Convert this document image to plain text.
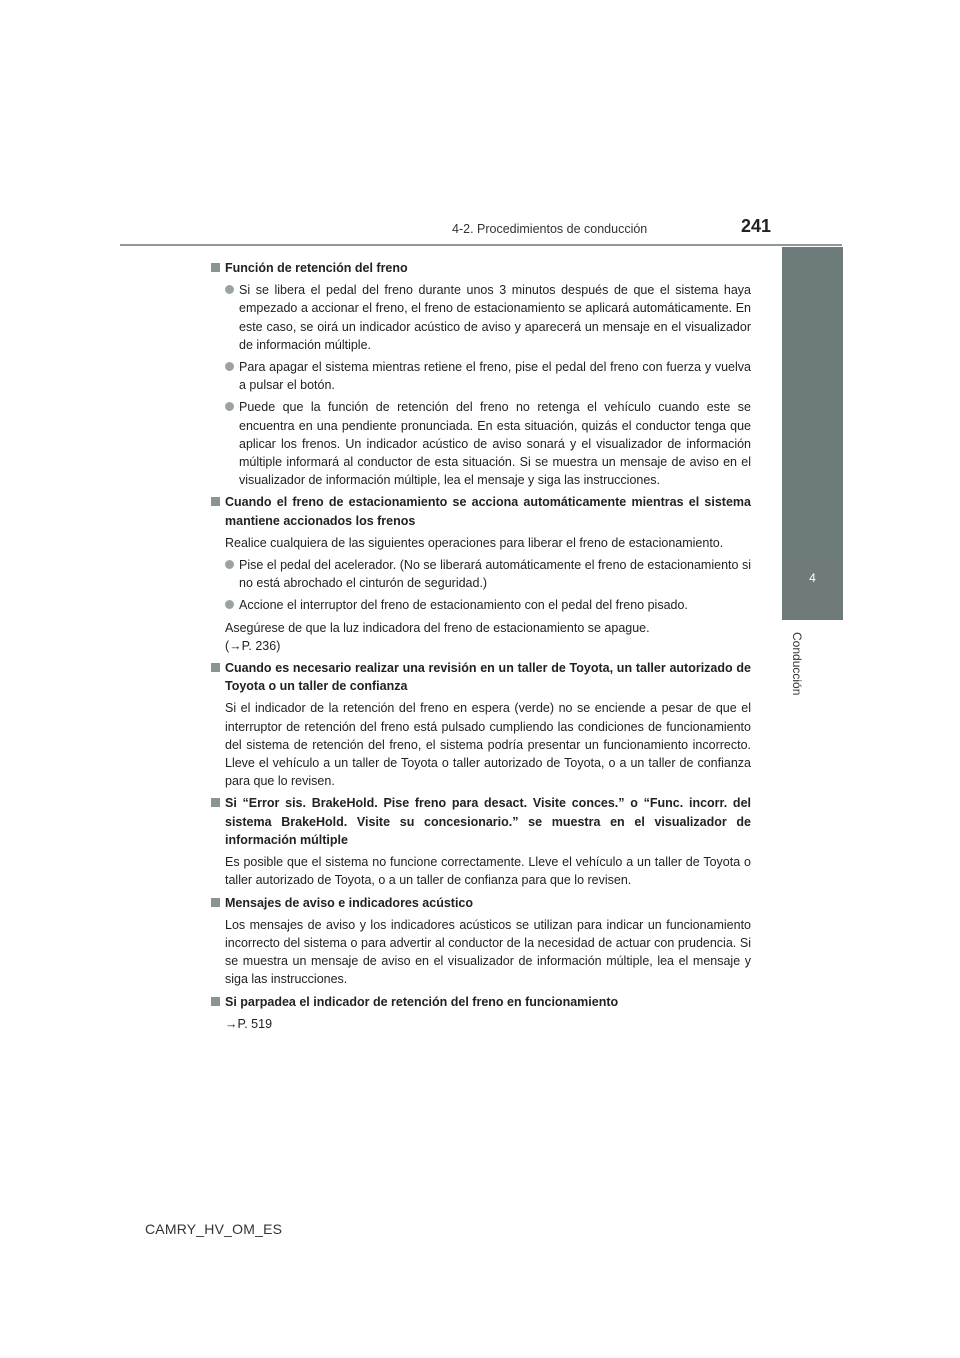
4-2. Procedimientos de conducción	241
4
Conducción
Función de retención del freno
Si se libera el pedal del freno durante unos 3 minutos después de que el sistema haya empezado a accionar el freno, el freno de estacionamiento se aplicará automáticamente. En este caso, se oirá un indicador acústico de aviso y aparecerá un mensaje en el visualizador de información múltiple.
Para apagar el sistema mientras retiene el freno, pise el pedal del freno con fuerza y vuelva a pulsar el botón.
Puede que la función de retención del freno no retenga el vehículo cuando este se encuentra en una pendiente pronunciada. En esta situación, quizás el conductor tenga que aplicar los frenos. Un indicador acústico de aviso sonará y el visualizador de información múltiple informará al conductor de esta situación. Si se muestra un mensaje de aviso en el visualizador de información múltiple, lea el mensaje y siga las instrucciones.
Cuando el freno de estacionamiento se acciona automáticamente mientras el sistema mantiene accionados los frenos
Realice cualquiera de las siguientes operaciones para liberar el freno de estacionamiento.
Pise el pedal del acelerador. (No se liberará automáticamente el freno de estacionamiento si no está abrochado el cinturón de seguridad.)
Accione el interruptor del freno de estacionamiento con el pedal del freno pisado.
Asegúrese de que la luz indicadora del freno de estacionamiento se apague.
(→P. 236)
Cuando es necesario realizar una revisión en un taller de Toyota, un taller autorizado de Toyota o un taller de confianza
Si el indicador de la retención del freno en espera (verde) no se enciende a pesar de que el interruptor de retención del freno está pulsado cumpliendo las condiciones de funcionamiento del sistema de retención del freno, el sistema podría presentar un funcionamiento incorrecto. Lleve el vehículo a un taller de Toyota o taller autorizado de Toyota, o a un taller de confianza para que lo revisen.
Si “Error sis. BrakeHold. Pise freno para desact. Visite conces.” o “Func. incorr. del sistema BrakeHold. Visite su concesionario.” se muestra en el visualizador de información múltiple
Es posible que el sistema no funcione correctamente. Lleve el vehículo a un taller de Toyota o taller autorizado de Toyota, o a un taller de confianza para que lo revisen.
Mensajes de aviso e indicadores acústico
Los mensajes de aviso y los indicadores acústicos se utilizan para indicar un funcionamiento incorrecto del sistema o para advertir al conductor de la necesidad de actuar con prudencia. Si se muestra un mensaje de aviso en el visualizador de información múltiple, lea el mensaje y siga las instrucciones.
Si parpadea el indicador de retención del freno en funcionamiento
→P. 519
CAMRY_HV_OM_ES
